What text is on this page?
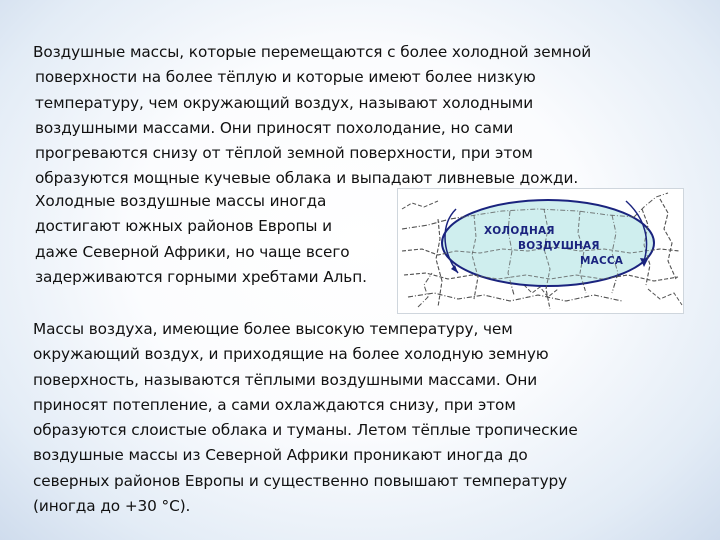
Воздушные массы, которые перемещаются с более холодной земной
поверхности на более тёплую и которые имеют более низкую
температуру, чем окружающий воздух, называют холодными
воздушными массами. Они приносят похолодание, но сами
прогреваются снизу от тёплой земной поверхности, при этом
образуются мощные кучевые облака и выпадают ливневые дожди.

Холодные воздушные массы иногда
достигают южных районов Европы и
даже Северной Африки, но чаще всего
задерживаются горными хребтами Альп.

ХОЛОДНАЯ
ВОЗДУШНАЯ
МАССА

Массы воздуха, имеющие более высокую температуру, чем
окружающий воздух, и приходящие на более холодную земную
поверхность, называются тёплыми воздушными массами. Они
приносят потепление, а сами охлаждаются снизу, при этом
образуются слоистые облака и туманы. Летом тёплые тропические
воздушные массы из Северной Африки проникают иногда до
северных районов Европы и существенно повышают температуру
(иногда до +30 °C).
